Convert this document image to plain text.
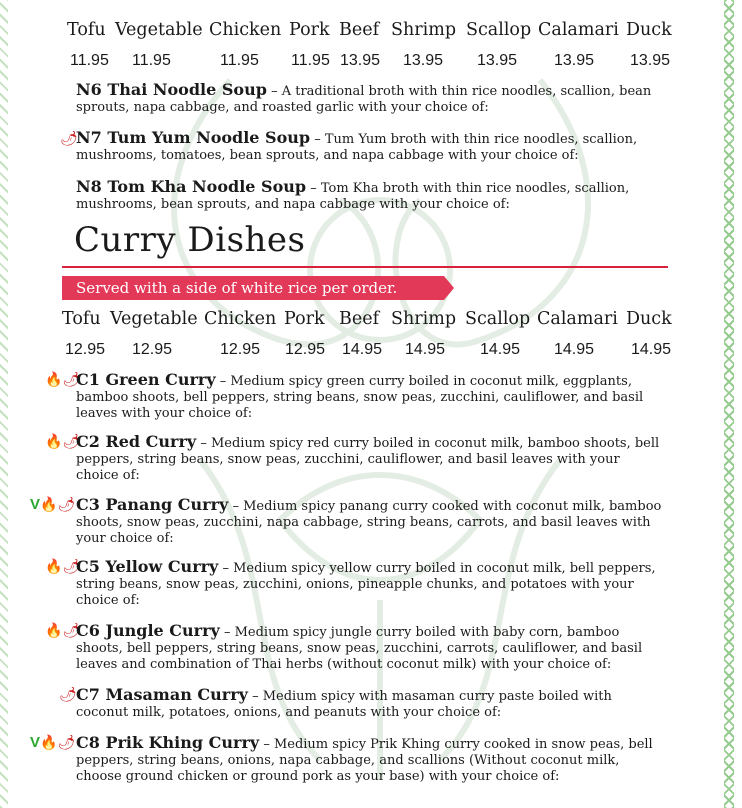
Tofu Vegetable Chicken Pork Beef Shrimp Scallop Calamari Duck
11.95 11.95	11.95 11.95 13.95 13.95 13.95 13.95 13.95
N6 Thai Noodle Soup – A traditional broth with thin rice noodles, scallion, bean sprouts, napa cabbage, and roasted garlic with your choice of:
🌶
N7 Tum Yum Noodle Soup – Tum Yum broth with thin rice noodles, scallion, mushrooms, tomatoes, bean sprouts, and napa cabbage with your choice of:
N8 Tom Kha Noodle Soup – Tom Kha broth with thin rice noodles, scallion, mushrooms, bean sprouts, and napa cabbage with your choice of:
Curry Dishes
Served with a side of white rice per order.
Tofu Vegetable Chicken Pork Beef Shrimp Scallop Calamari Duck
12.95 12.95	12.95 12.95 14.95 14.95 14.95 14.95 14.95
🔥🌶
C1 Green Curry – Medium spicy green curry boiled in coconut milk, eggplants, bamboo shoots, bell peppers, string beans, snow peas, zucchini, cauliflower, and basil leaves with your choice of:
🔥🌶
C2 Red Curry – Medium spicy red curry boiled in coconut milk, bamboo shoots, bell peppers, string beans, snow peas, zucchini, cauliflower, and basil leaves with your choice of:
V🔥🌶 C3 Panang Curry – Medium spicy panang curry cooked with coconut milk, bamboo shoots, snow peas, zucchini, napa cabbage, string beans, carrots, and basil leaves with your choice of:
🔥🌶
C5 Yellow Curry – Medium spicy yellow curry boiled in coconut milk, bell peppers, string beans, snow peas, zucchini, onions, pineapple chunks, and potatoes with your choice of:
🔥🌶
C6 Jungle Curry – Medium spicy jungle curry boiled with baby corn, bamboo shoots, bell peppers, string beans, snow peas, zucchini, carrots, cauliflower, and basil leaves and combination of Thai herbs (without coconut milk) with your choice of:
🌶 C7 Masaman Curry – Medium spicy with masaman curry paste boiled with coconut milk, potatoes, onions, and peanuts with your choice of:
V🔥🌶 C8 Prik Khing Curry – Medium spicy Prik Khing curry cooked in snow peas, bell peppers, string beans, onions, napa cabbage, and scallions (Without coconut milk, choose ground chicken or ground pork as your base) with your choice of:
